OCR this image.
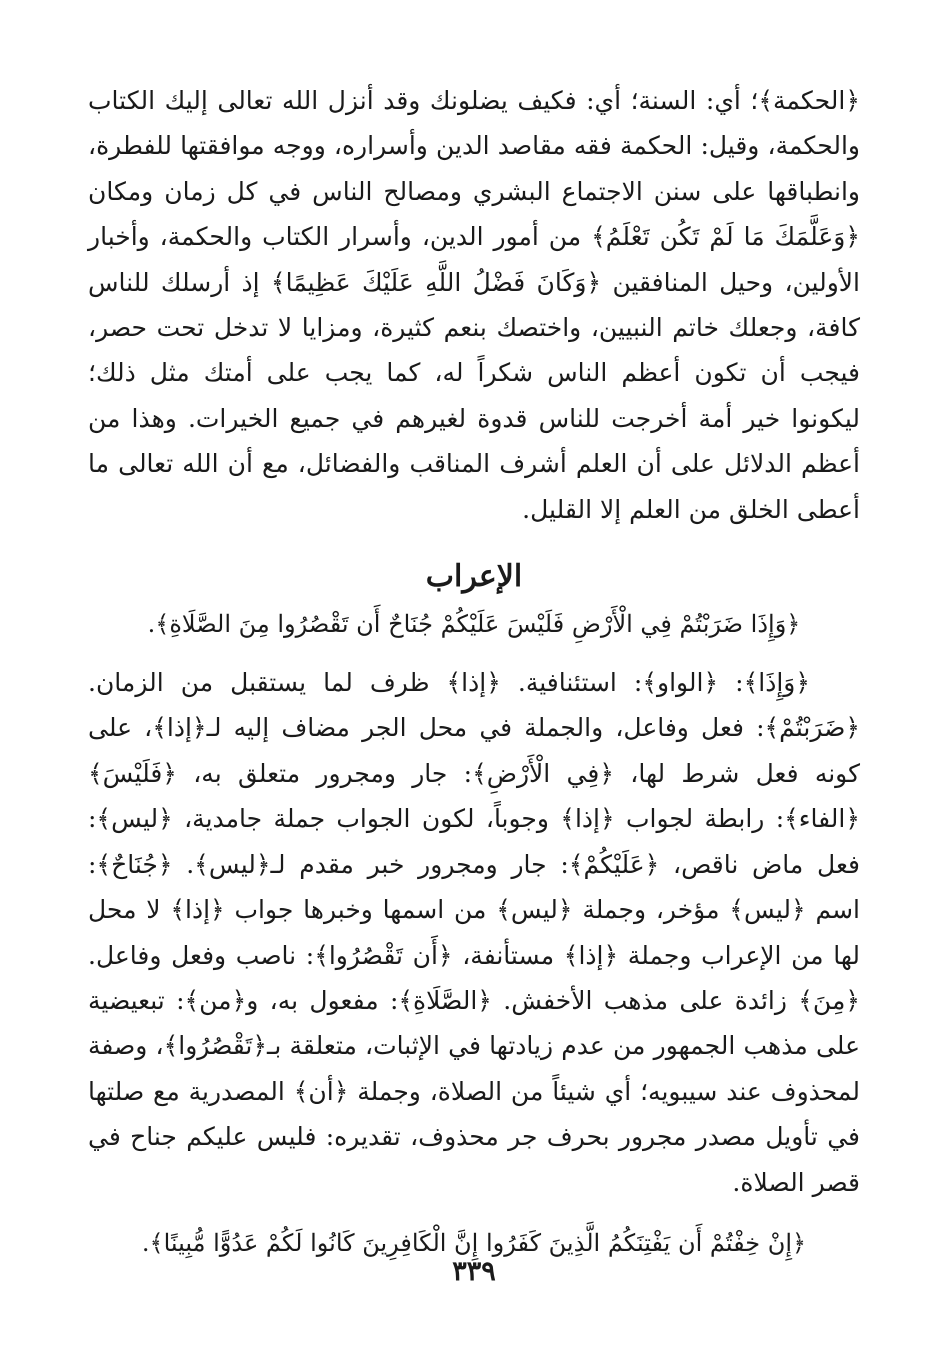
﴿الحكمة﴾؛ أي: السنة؛ أي: فكيف يضلونك وقد أنزل الله تعالى إليك الكتاب والحكمة، وقيل: الحكمة فقه مقاصد الدين وأسراره، ووجه موافقتها للفطرة، وانطباقها على سنن الاجتماع البشري ومصالح الناس في كل زمان ومكان ﴿وَعَلَّمَكَ مَا لَمْ تَكُن تَعْلَمُ﴾ من أمور الدين، وأسرار الكتاب والحكمة، وأخبار الأولين، وحيل المنافقين ﴿وَكَانَ فَضْلُ اللَّهِ عَلَيْكَ عَظِيمًا﴾ إذ أرسلك للناس كافة، وجعلك خاتم النبيين، واختصك بنعم كثيرة، ومزايا لا تدخل تحت حصر، فيجب أن تكون أعظم الناس شكراً له، كما يجب على أمتك مثل ذلك؛ ليكونوا خير أمة أخرجت للناس قدوة لغيرهم في جميع الخيرات. وهذا من أعظم الدلائل على أن العلم أشرف المناقب والفضائل، مع أن الله تعالى ما أعطى الخلق من العلم إلا القليل.

الإعراب

﴿وَإِذَا ضَرَبْتُمْ فِي الْأَرْضِ فَلَيْسَ عَلَيْكُمْ جُنَاحٌ أَن تَقْصُرُوا مِنَ الصَّلَاةِ﴾.

﴿وَإِذَا﴾: ﴿الواو﴾: استئنافية. ﴿إذا﴾ ظرف لما يستقبل من الزمان. ﴿ضَرَبْتُمْ﴾: فعل وفاعل، والجملة في محل الجر مضاف إليه لـ﴿إذا﴾، على كونه فعل شرط لها، ﴿فِي الْأَرْضِ﴾: جار ومجرور متعلق به، ﴿فَلَيْسَ﴾ ﴿الفاء﴾: رابطة لجواب ﴿إذا﴾ وجوباً، لكون الجواب جملة جامدية، ﴿ليس﴾: فعل ماض ناقص، ﴿عَلَيْكُمْ﴾: جار ومجرور خبر مقدم لـ﴿ليس﴾. ﴿جُنَاحٌ﴾: اسم ﴿ليس﴾ مؤخر، وجملة ﴿ليس﴾ من اسمها وخبرها جواب ﴿إذا﴾ لا محل لها من الإعراب وجملة ﴿إذا﴾ مستأنفة، ﴿أَن تَقْصُرُوا﴾: ناصب وفعل وفاعل. ﴿مِنَ﴾ زائدة على مذهب الأخفش. ﴿الصَّلَاةِ﴾: مفعول به، و﴿من﴾: تبعيضية على مذهب الجمهور من عدم زيادتها في الإثبات، متعلقة بـ﴿تَقْصُرُوا﴾، وصفة لمحذوف عند سيبويه؛ أي شيئاً من الصلاة، وجملة ﴿أن﴾ المصدرية مع صلتها في تأويل مصدر مجرور بحرف جر محذوف، تقديره: فليس عليكم جناح في قصر الصلاة.

﴿إِنْ خِفْتُمْ أَن يَفْتِنَكُمُ الَّذِينَ كَفَرُوا إِنَّ الْكَافِرِينَ كَانُوا لَكُمْ عَدُوًّا مُّبِينًا﴾.

٣٣٩
